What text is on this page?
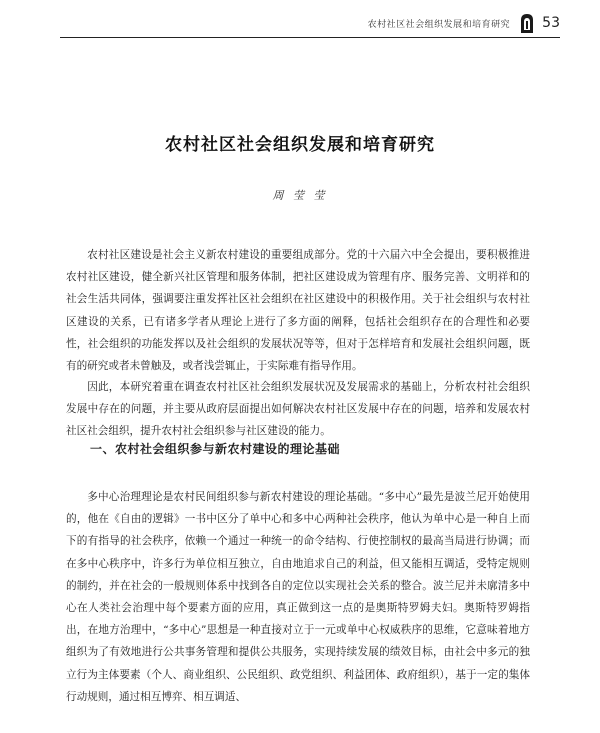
农村社区社会组织发展和培育研究 53
农村社区社会组织发展和培育研究
周 莹 莹

农村社区建设是社会主义新农村建设的重要组成部分。党的十六届六中全会提出，要积极推进农村社区建设，健全新兴社区管理和服务体制，把社区建设成为管理有序、服务完善、文明祥和的社会生活共同体，强调要注重发挥社区社会组织在社区建设中的积极作用。关于社会组织与农村社区建设的关系，已有诸多学者从理论上进行了多方面的阐释，包括社会组织存在的合理性和必要性，社会组织的功能发挥以及社会组织的发展状况等等，但对于怎样培育和发展社会组织问题，既有的研究或者未曾触及，或者浅尝辄止，于实际难有指导作用。

因此，本研究着重在调查农村社区社会组织发展状况及发展需求的基础上，分析农村社会组织发展中存在的问题，并主要从政府层面提出如何解决农村社区发展中存在的问题，培养和发展农村社区社会组织，提升农村社会组织参与社区建设的能力。

一、农村社会组织参与新农村建设的理论基础

多中心治理理论是农村民间组织参与新农村建设的理论基础。“多中心”最先是波兰尼开始使用的，他在《自由的逻辑》一书中区分了单中心和多中心两种社会秩序，他认为单中心是一种自上而下的有指导的社会秩序，依赖一个通过一种统一的命令结构、行使控制权的最高当局进行协调；而在多中心秩序中，许多行为单位相互独立，自由地追求自己的利益，但又能相互调适，受特定规则的制约，并在社会的一般规则体系中找到各自的定位以实现社会关系的整合。波兰尼并未廓清多中心在人类社会治理中每个要素方面的应用，真正做到这一点的是奥斯特罗姆夫妇。奥斯特罗姆指出，在地方治理中，“多中心”思想是一种直接对立于一元或单中心权威秩序的思维，它意味着地方组织为了有效地进行公共事务管理和提供公共服务，实现持续发展的绩效目标，由社会中多元的独立行为主体要素（个人、商业组织、公民组织、政党组织、利益团体、政府组织），基于一定的集体行动规则，通过相互博弈、相互调适、
